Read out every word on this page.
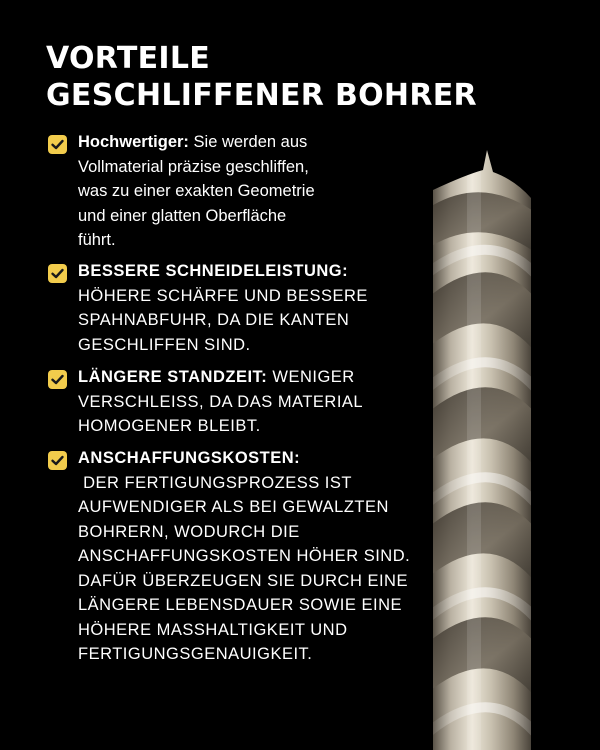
VORTEILE
GESCHLIFFENER BOHRER
Hochwertiger: Sie werden aus
Vollmaterial präzise geschliffen,
was zu einer exakten Geometrie
und einer glatten Oberfläche
führt.
BESSERE SCHNEIDELEISTUNG:
HÖHERE SCHÄRFE UND BESSERE
SPAHNABFUHR, DA DIE KANTEN
GESCHLIFFEN SIND.
LÄNGERE STANDZEIT: WENIGER
VERSCHLEISS, DA DAS MATERIAL
HOMOGENER BLEIBT.
ANSCHAFFUNGSKOSTEN:
DER FERTIGUNGSPROZESS IST
AUFWENDIGER ALS BEI GEWALZTEN
BOHRERN, WODURCH DIE
ANSCHAFFUNGSKOSTEN HÖHER SIND.
DAFÜR ÜBERZEUGEN SIE DURCH EINE
LÄNGERE LEBENSDAUER SOWIE EINE
HÖHERE MASSHALTIGKEIT UND
FERTIGUNGSGENAUIGKEIT.
